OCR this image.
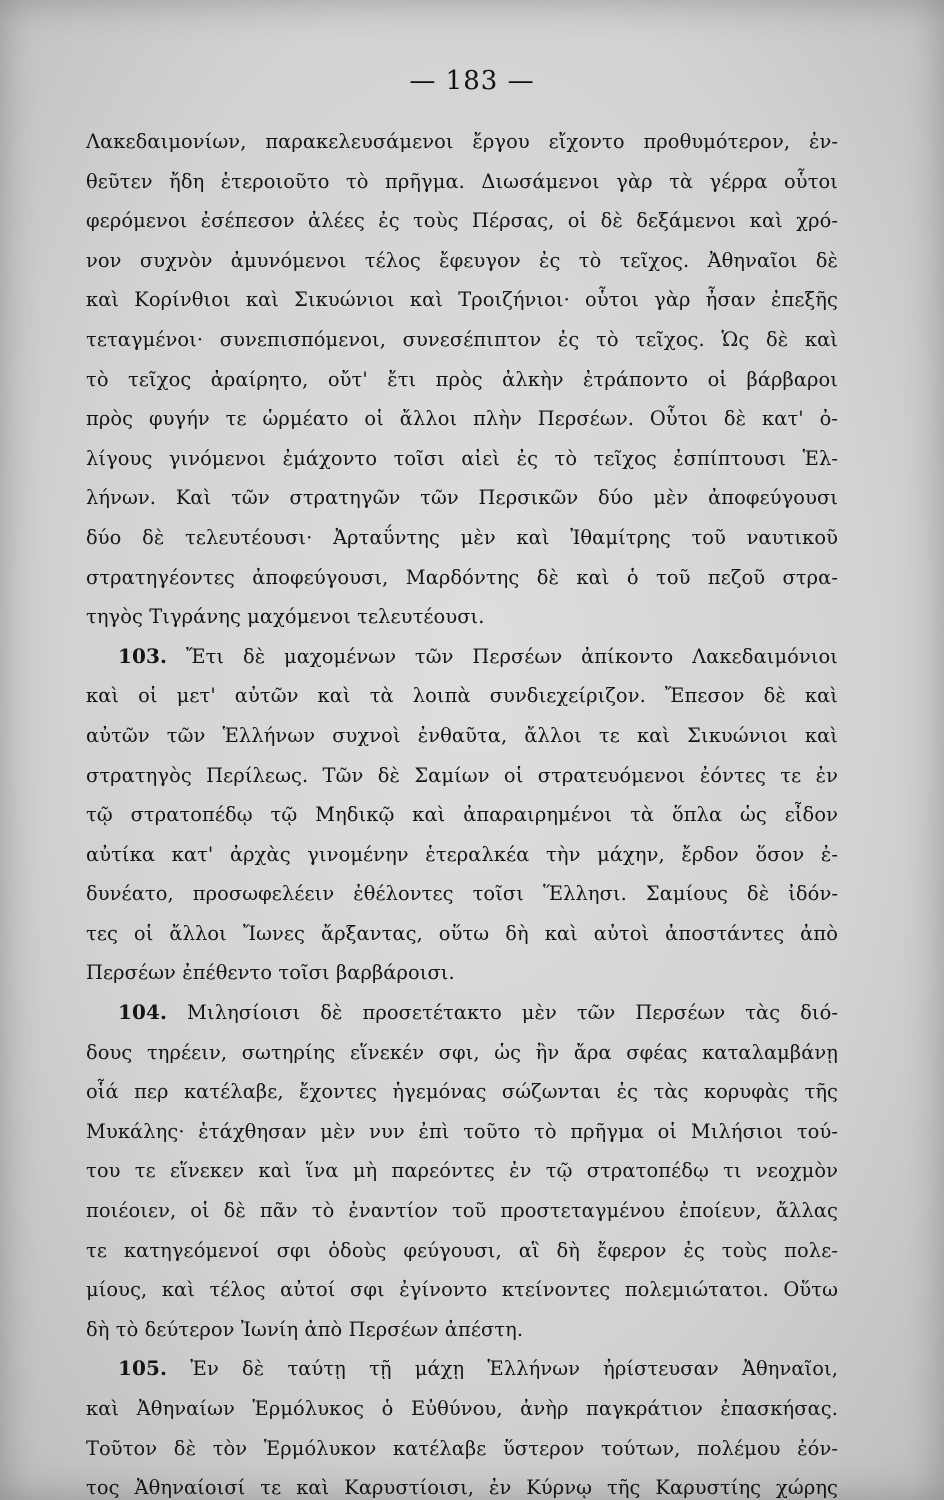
— 183 —
Λακεδαιμονίων, παρακελευσάμενοι ἔργου εἴχοντο προθυμότερον, ἐν-
θεῦτεν ἤδη ἑτεροιοῦτο τὸ πρῆγμα. Διωσάμενοι γὰρ τὰ γέρρα οὗτοι
φερόμενοι ἐσέπεσον ἀλέες ἐς τοὺς Πέρσας, οἱ δὲ δεξάμενοι καὶ χρό-
νον συχνὸν ἀμυνόμενοι τέλος ἔφευγον ἐς τὸ τεῖχος. Ἀθηναῖοι δὲ
καὶ Κορίνθιοι καὶ Σικυώνιοι καὶ Τροιζήνιοι· οὗτοι γὰρ ἦσαν ἐπεξῆς
τεταγμένοι· συνεπισπόμενοι, συνεσέπιπτον ἐς τὸ τεῖχος. Ὡς δὲ καὶ
τὸ τεῖχος ἀραίρητο, οὔτ' ἔτι πρὸς ἀλκὴν ἐτράποντο οἱ βάρβαροι
πρὸς φυγήν τε ὡρμέατο οἱ ἄλλοι πλὴν Περσέων. Οὗτοι δὲ κατ' ὀ-
λίγους γινόμενοι ἐμάχοντο τοῖσι αἰεὶ ἐς τὸ τεῖχος ἐσπίπτουσι Ἑλ-
λήνων. Καὶ τῶν στρατηγῶν τῶν Περσικῶν δύο μὲν ἀποφεύγουσι
δύο δὲ τελευτέουσι· Ἀρταΰντης μὲν καὶ Ἰθαμίτρης τοῦ ναυτικοῦ
στρατηγέοντες ἀποφεύγουσι, Μαρδόντης δὲ καὶ ὁ τοῦ πεζοῦ στρα-
τηγὸς Τιγράνης μαχόμενοι τελευτέουσι.
103. Ἔτι δὲ μαχομένων τῶν Περσέων ἀπίκοντο Λακεδαιμόνιοι
καὶ οἱ μετ' αὐτῶν καὶ τὰ λοιπὰ συνδιεχείριζον. Ἔπεσον δὲ καὶ
αὐτῶν τῶν Ἑλλήνων συχνοὶ ἐνθαῦτα, ἄλλοι τε καὶ Σικυώνιοι καὶ
στρατηγὸς Περίλεως. Τῶν δὲ Σαμίων οἱ στρατευόμενοι ἐόντες τε ἐν
τῷ στρατοπέδῳ τῷ Μηδικῷ καὶ ἀπαραιρημένοι τὰ ὅπλα ὡς εἶδον
αὐτίκα κατ' ἀρχὰς γινομένην ἑτεραλκέα τὴν μάχην, ἔρδον ὅσον ἐ-
δυνέατο, προσωφελέειν ἐθέλοντες τοῖσι Ἕλλησι. Σαμίους δὲ ἰδόν-
τες οἱ ἄλλοι Ἴωνες ἄρξαντας, οὕτω δὴ καὶ αὐτοὶ ἀποστάντες ἀπὸ
Περσέων ἐπέθεντο τοῖσι βαρβάροισι.
104. Μιλησίοισι δὲ προσετέτακτο μὲν τῶν Περσέων τὰς διό-
δους τηρέειν, σωτηρίης εἵνεκέν σφι, ὡς ἢν ἄρα σφέας καταλαμβάνῃ
οἷά περ κατέλαβε, ἔχοντες ἡγεμόνας σώζωνται ἐς τὰς κορυφὰς τῆς
Μυκάλης· ἐτάχθησαν μὲν νυν ἐπὶ τοῦτο τὸ πρῆγμα οἱ Μιλήσιοι τού-
του τε εἵνεκεν καὶ ἵνα μὴ παρεόντες ἐν τῷ στρατοπέδῳ τι νεοχμὸν
ποιέοιεν, οἱ δὲ πᾶν τὸ ἐναντίον τοῦ προστεταγμένου ἐποίευν, ἄλλας
τε κατηγεόμενοί σφι ὁδοὺς φεύγουσι, αἳ δὴ ἔφερον ἐς τοὺς πολε-
μίους, καὶ τέλος αὐτοί σφι ἐγίνοντο κτείνοντες πολεμιώτατοι. Οὕτω
δὴ τὸ δεύτερον Ἰωνίη ἀπὸ Περσέων ἀπέστη.
105. Ἐν δὲ ταύτῃ τῇ μάχῃ Ἑλλήνων ἠρίστευσαν Ἀθηναῖοι,
καὶ Ἀθηναίων Ἑρμόλυκος ὁ Εὐθύνου, ἀνὴρ παγκράτιον ἐπασκήσας.
Τοῦτον δὲ τὸν Ἑρμόλυκον κατέλαβε ὕστερον τούτων, πολέμου ἐόν-
τος Ἀθηναίοισί τε καὶ Καρυστίοισι, ἐν Κύρνῳ τῆς Καρυστίης χώρης
